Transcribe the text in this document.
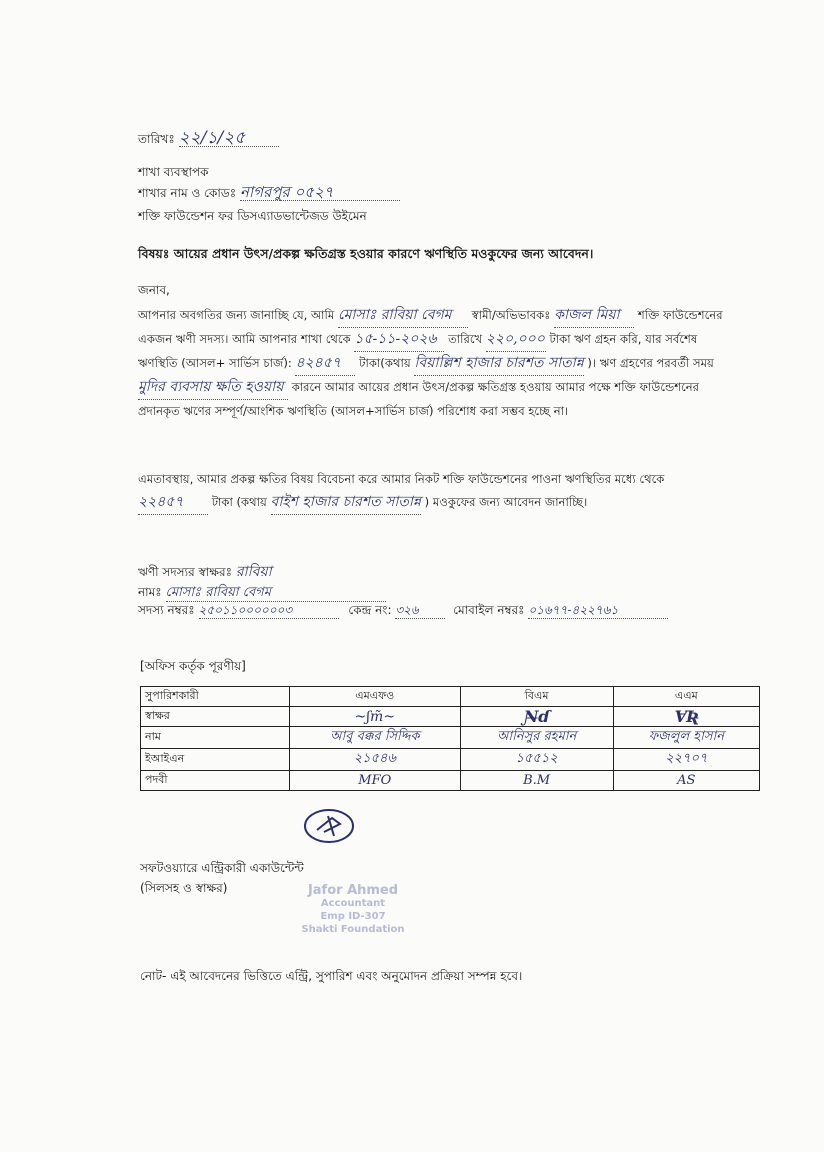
তারিখঃ ২২/১/২৫
শাখা ব্যবস্থাপক
শাখার নাম ও কোডঃ নাগরপুর ০৫২৭
শক্তি ফাউন্ডেশন ফর ডিসএ্যাডভান্টেজড উইমেন
বিষয়ঃ আয়ের প্রধান উৎস/প্রকল্প ক্ষতিগ্রস্ত হওয়ার কারণে ঋণস্থিতি মওকুফের জন্য আবেদন।
জনাব,
আপনার অবগতির জন্য জানাচ্ছি যে, আমি মোসাঃ রাবিয়া বেগম স্বামী/অভিভাবকঃ কাজল মিয়া শক্তি ফাউন্ডেশনের একজন ঋণী সদস্য। আমি আপনার শাখা থেকে ১৫-১১-২০২৬ তারিখে ২২০,০০০ টাকা ঋণ গ্রহন করি, যার সর্বশেষ ঋণস্থিতি (আসল+ সার্ভিস চার্জ): ৪২৪৫৭ টাকা(কথায় বিয়াল্লিশ হাজার চারশত সাতান্ন )। ঋণ গ্রহণের পরবর্তী সময় মুদির ব্যবসায় ক্ষতি হওয়ায় কারনে আমার আয়ের প্রধান উৎস/প্রকল্প ক্ষতিগ্রস্ত হওয়ায় আমার পক্ষে শক্তি ফাউন্ডেশনের প্রদানকৃত ঋণের সম্পূর্ণ/আংশিক ঋণস্থিতি (আসল+সার্ভিস চার্জ) পরিশোধ করা সম্ভব হচ্ছে না।
এমতাবস্থায়, আমার প্রকল্প ক্ষতির বিষয় বিবেচনা করে আমার নিকট শক্তি ফাউন্ডেশনের পাওনা ঋণস্থিতির মধ্যে থেকে ২২৪৫৭ টাকা (কথায় বাইশ হাজার চারশত সাতান্ন ) মওকুফের জন্য আবেদন জানাচ্ছি।
ঋণী সদস্যর স্বাক্ষরঃ রাবিয়া
নামঃ মোসাঃ রাবিয়া বেগম
সদস্য নম্বরঃ ২৫০১১০০০০০০৩	কেন্দ্র নং: ৩২৬	মোবাইল নম্বরঃ ০১৬৭৭-৪২২৭৬১
[অফিস কর্তৃক পূরণীয়]
সুপারিশকারী	এমএফও	বিএম	এএম
স্বাক্ষর	~ʃm̃~	Ɲ̶ɗ	ⱯƦ̶
নাম	আবু বক্কর সিদ্দিক	আনিসুর রহমান	ফজলুল হাসান
ইআইএন	২১৫৪৬	১৫৫১২	২২৭০৭
পদবী	MFO	B.M	AS
সফটওয়্যারে এন্ট্রিকারী একাউন্টেন্ট
(সিলসহ ও স্বাক্ষর)	Jafor Ahmed
Accountant
Emp ID-307
Shakti Foundation
নোট- এই আবেদনের ভিত্তিতে এন্ট্রি, সুপারিশ এবং অনুমোদন প্রক্রিয়া সম্পন্ন হবে।
